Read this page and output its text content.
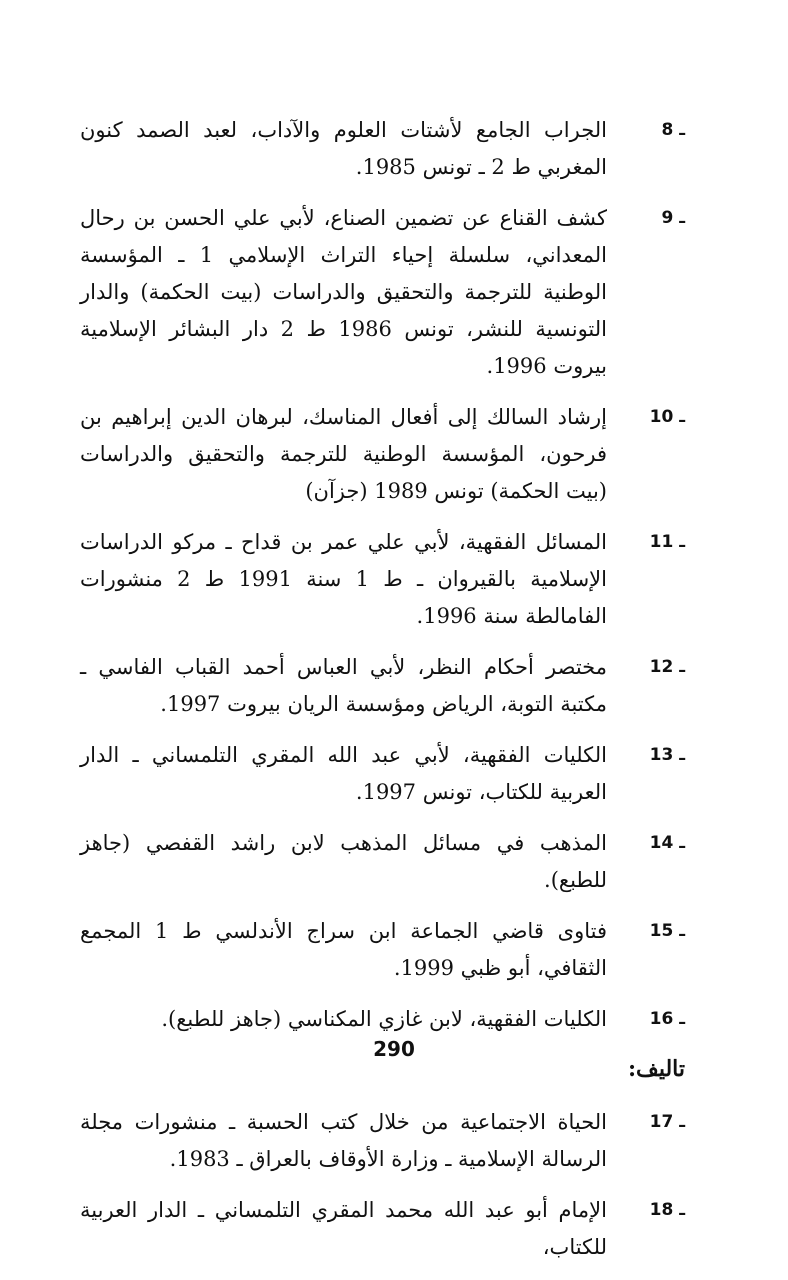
8 ـ
الجراب الجامع لأشتات العلوم والآداب، لعبد الصمد كنون المغربي ط 2 ـ تونس 1985.
9 ـ
كشف القناع عن تضمين الصناع، لأبي علي الحسن بن رحال المعداني، سلسلة إحياء التراث الإسلامي 1 ـ المؤسسة الوطنية للترجمة والتحقيق والدراسات (بيت الحكمة) والدار التونسية للنشر، تونس 1986 ط 2 دار البشائر الإسلامية بيروت 1996.
10 ـ
إرشاد السالك إلى أفعال المناسك، لبرهان الدين إبراهيم بن فرحون، المؤسسة الوطنية للترجمة والتحقيق والدراسات (بيت الحكمة) تونس 1989 (جزآن)
11 ـ
المسائل الفقهية، لأبي علي عمر بن قداح ـ مركو الدراسات الإسلامية بالقيروان ـ ط 1 سنة 1991 ط 2 منشورات الفامالطة سنة 1996.
12 ـ
مختصر أحكام النظر، لأبي العباس أحمد القباب الفاسي ـ مكتبة التوبة، الرياض ومؤسسة الريان بيروت 1997.
13 ـ
الكليات الفقهية، لأبي عبد الله المقري التلمساني ـ الدار العربية للكتاب، تونس 1997.
14 ـ
المذهب في مسائل المذهب لابن راشد القفصي (جاهز للطبع).
15 ـ
فتاوى قاضي الجماعة ابن سراج الأندلسي ط 1 المجمع الثقافي، أبو ظبي 1999.
16 ـ
الكليات الفقهية، لابن غازي المكناسي (جاهز للطبع).
تاليف:
17 ـ
الحياة الاجتماعية من خلال كتب الحسبة ـ منشورات مجلة الرسالة الإسلامية ـ وزارة الأوقاف بالعراق ـ 1983.
18 ـ
الإمام أبو عبد الله محمد المقري التلمساني ـ الدار العربية للكتاب،
290
